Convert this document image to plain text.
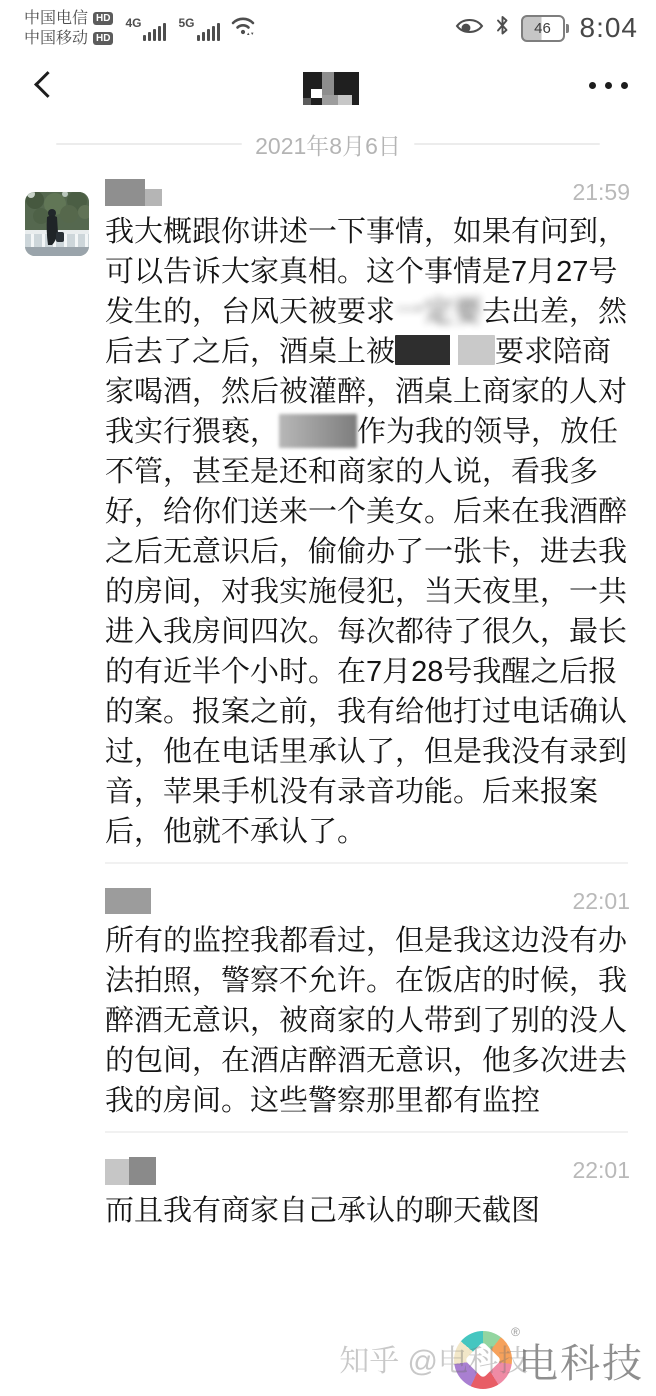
中国电信 HD
中国移动 HD
4G	5G	46 8:04
2021年8月6日
21:59
我大概跟你讲述一下事情，如果有问到，可以告诉大家真相。这个事情是7月27号发生的，台风天被要求一定要去出差，然后去了之后，酒桌上被	要求陪商家喝酒，然后被灌醉，酒桌上商家的人对我实行猥亵，	作为我的领导，放任不管，甚至是还和商家的人说，看我多好，给你们送来一个美女。后来在我酒醉之后无意识后，偷偷办了一张卡，进去我的房间，对我实施侵犯，当天夜里，一共进入我房间四次。每次都待了很久，最长的有近半个小时。在7月28号我醒之后报的案。报案之前，我有给他打过电话确认过，他在电话里承认了，但是我没有录到音，苹果手机没有录音功能。后来报案后，他就不承认了。
22:01
所有的监控我都看过，但是我这边没有办法拍照，警察不允许。在饭店的时候，我醉酒无意识，被商家的人带到了别的没人的包间，在酒店醉酒无意识，他多次进去我的房间。这些警察那里都有监控
22:01
而且我有商家自己承认的聊天截图
知乎 @电科技
®
电科技
